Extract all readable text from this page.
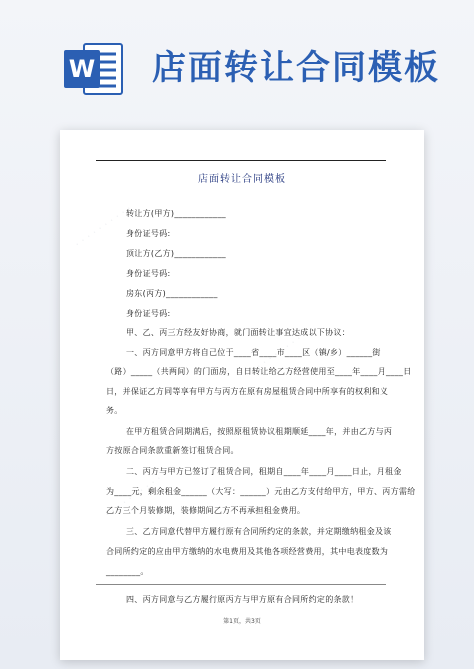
W 店面转让合同模板
· · · · · · · · · ·
· · · · · · · · · ·
· · · · · · · · · ·
店面转让合同模板
转让方(甲方)____________
身份证号码:
顶让方(乙方)____________
身份证号码:
房东(丙方)____________
身份证号码:
甲、乙、丙三方经友好协商，就门面转让事宜达成以下协议：
一、丙方同意甲方将自己位于____省____市____区（镇/乡）______街
（路）_____（共两间）的门面房，自日转让给乙方经营使用至____年____月____日
日，并保证乙方同等享有甲方与丙方在原有房屋租赁合同中所享有的权利和义
务。
在甲方租赁合同期满后，按照原租赁协议租期顺延____年，并由乙方与丙
方按原合同条款重新签订租赁合同。
二、丙方与甲方已签订了租赁合同，租期自____年____月____日止，月租金
为____元，剩余租金______（大写：______）元由乙方支付给甲方，甲方、丙方需给
乙方三个月装修期，装修期间乙方不再承担租金费用。
三、乙方同意代替甲方履行原有合同所约定的条款，并定期缴纳租金及该
合同所约定的应由甲方缴纳的水电费用及其他各项经营费用，其中电表度数为
________。
四、丙方同意与乙方履行原丙方与甲方原有合同所约定的条款！
第1页，共3页
